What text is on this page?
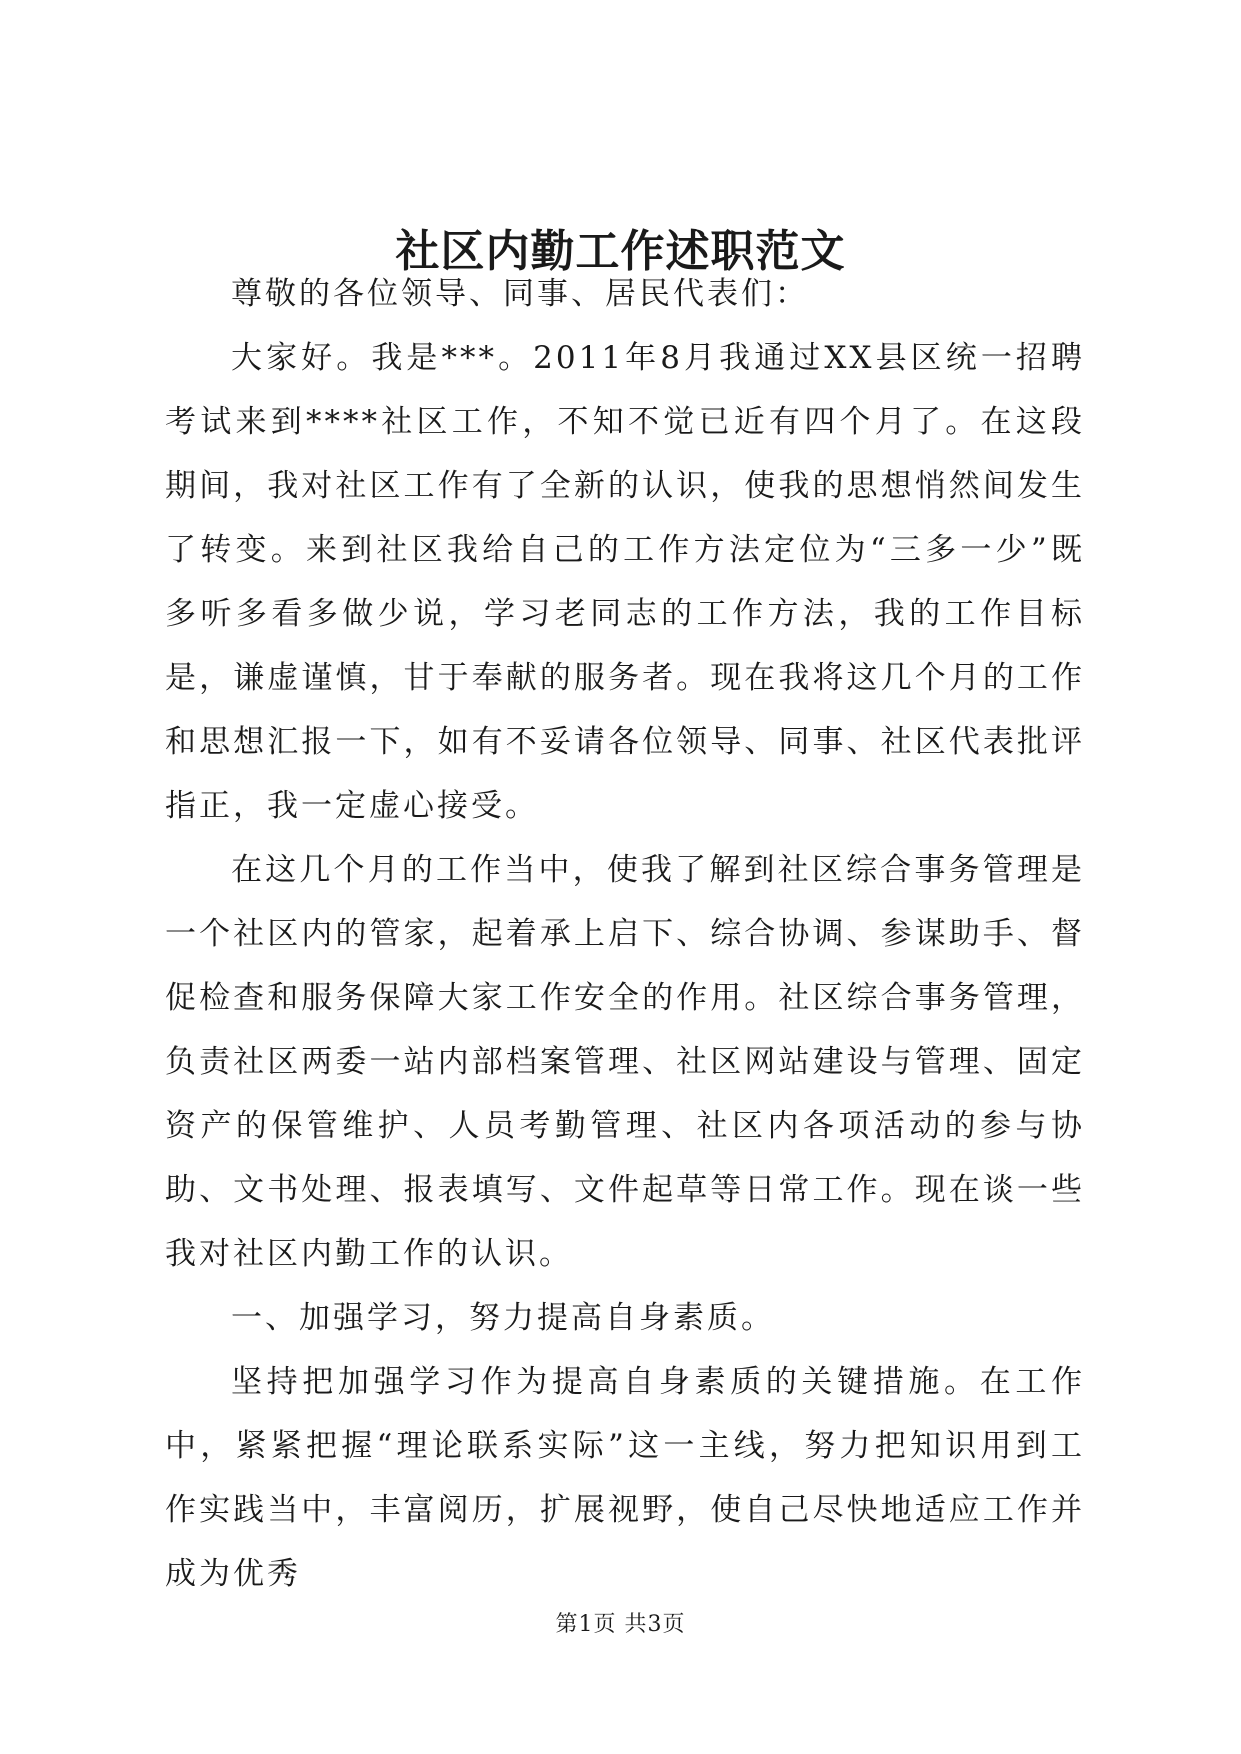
社区内勤工作述职范文

尊敬的各位领导、同事、居民代表们：

大家好。我是***。2011年8月我通过XX县区统一招聘考试来到****社区工作，不知不觉已近有四个月了。在这段期间，我对社区工作有了全新的认识，使我的思想悄然间发生了转变。来到社区我给自己的工作方法定位为“三多一少”既多听多看多做少说，学习老同志的工作方法，我的工作目标是，谦虚谨慎，甘于奉献的服务者。现在我将这几个月的工作和思想汇报一下，如有不妥请各位领导、同事、社区代表批评指正，我一定虚心接受。

在这几个月的工作当中，使我了解到社区综合事务管理是一个社区内的管家，起着承上启下、综合协调、参谋助手、督促检查和服务保障大家工作安全的作用。社区综合事务管理，负责社区两委一站内部档案管理、社区网站建设与管理、固定资产的保管维护、人员考勤管理、社区内各项活动的参与协助、文书处理、报表填写、文件起草等日常工作。现在谈一些我对社区内勤工作的认识。

一、加强学习，努力提高自身素质。

坚持把加强学习作为提高自身素质的关键措施。在工作中，紧紧把握“理论联系实际”这一主线，努力把知识用到工作实践当中，丰富阅历，扩展视野，使自己尽快地适应工作并成为优秀

第1页 共3页
